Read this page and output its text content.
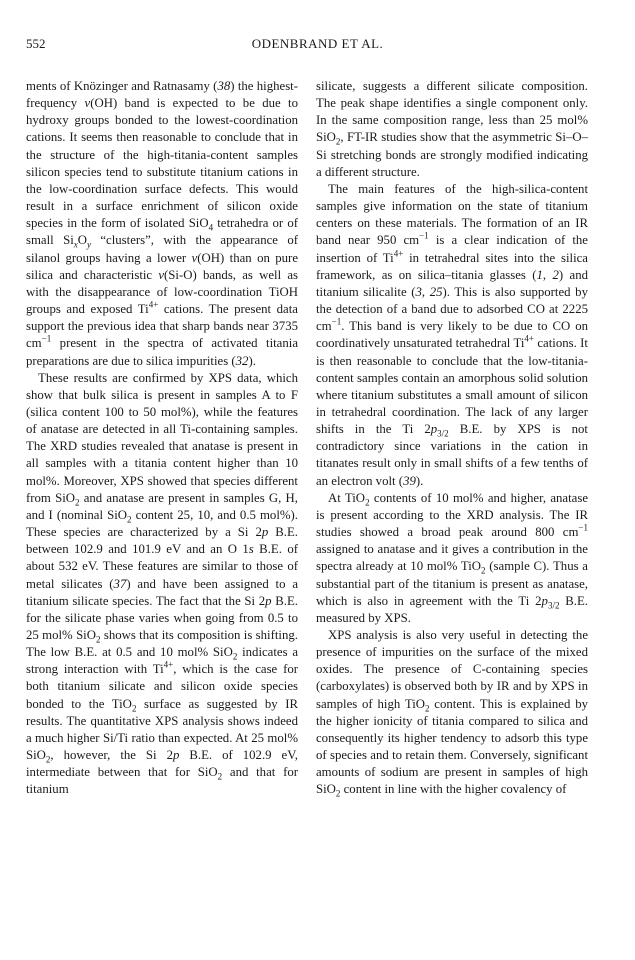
552	ODENBRAND ET AL.

ments of Knözinger and Ratnasamy (38) the highest-frequency ν(OH) band is expected to be due to hydroxy groups bonded to the lowest-coordination cations. It seems then reasonable to conclude that in the structure of the high-titania-content samples silicon species tend to substitute titanium cations in the low-coordination surface defects. This would result in a surface enrichment of silicon oxide species in the form of isolated SiO$_4$ tetrahedra or of small $Si_xO_y$ “clusters”, with the appearance of silanol groups having a lower ν(OH) than on pure silica and characteristic ν(Si-O) bands, as well as with the disappearance of low-coordination TiOH groups and exposed $Ti^{4+}$ cations. The present data support the previous idea that sharp bands near 3735 $cm^{-1}$ present in the spectra of activated titania preparations are due to silica impurities (32).

These results are confirmed by XPS data, which show that bulk silica is present in samples A to F (silica content 100 to 50 mol%), while the features of anatase are detected in all Ti-containing samples. The XRD studies revealed that anatase is present in all samples with a titania content higher than 10 mol%. Moreover, XPS showed that species different from SiO$_2$ and anatase are present in samples G, H, and I (nominal SiO$_2$ content 25, 10, and 0.5 mol%). These species are characterized by a Si 2p B.E. between 102.9 and 101.9 eV and an O 1s B.E. of about 532 eV. These features are similar to those of metal silicates (37) and have been assigned to a titanium silicate species. The fact that the Si 2p B.E. for the silicate phase varies when going from 0.5 to 25 mol% SiO$_2$ shows that its composition is shifting. The low B.E. at 0.5 and 10 mol% SiO$_2$ indicates a strong interaction with $Ti^{4+}$, which is the case for both titanium silicate and silicon oxide species bonded to the TiO$_2$ surface as suggested by IR results. The quantitative XPS analysis shows indeed a much higher Si/Ti ratio than expected. At 25 mol% SiO$_2$, however, the Si 2p B.E. of 102.9 eV, intermediate between that for SiO$_2$ and that for titanium

silicate, suggests a different silicate composition. The peak shape identifies a single component only. In the same composition range, less than 25 mol% SiO$_2$, FT-IR studies show that the asymmetric Si–O–Si stretching bonds are strongly modified indicating a different structure.

The main features of the high-silica-content samples give information on the state of titanium centers on these materials. The formation of an IR band near 950 $cm^{-1}$ is a clear indication of the insertion of $Ti^{4+}$ in tetrahedral sites into the silica framework, as on silica–titania glasses (1, 2) and titanium silicalite (3, 25). This is also supported by the detection of a band due to adsorbed CO at 2225 $cm^{-1}$. This band is very likely to be due to CO on coordinatively unsaturated tetrahedral $Ti^{4+}$ cations. It is then reasonable to conclude that the low-titania-content samples contain an amorphous solid solution where titanium substitutes a small amount of silicon in tetrahedral coordination. The lack of any larger shifts in the Ti $2p_{3/2}$ B.E. by XPS is not contradictory since variations in the cation in titanates result only in small shifts of a few tenths of an electron volt (39).

At TiO$_2$ contents of 10 mol% and higher, anatase is present according to the XRD analysis. The IR studies showed a broad peak around 800 $cm^{-1}$ assigned to anatase and it gives a contribution in the spectra already at 10 mol% TiO$_2$ (sample C). Thus a substantial part of the titanium is present as anatase, which is also in agreement with the Ti $2p_{3/2}$ B.E. measured by XPS.

XPS analysis is also very useful in detecting the presence of impurities on the surface of the mixed oxides. The presence of C-containing species (carboxylates) is observed both by IR and by XPS in samples of high TiO$_2$ content. This is explained by the higher ionicity of titania compared to silica and consequently its higher tendency to adsorb this type of species and to retain them. Conversely, significant amounts of sodium are present in samples of high SiO$_2$ content in line with the higher covalency of
